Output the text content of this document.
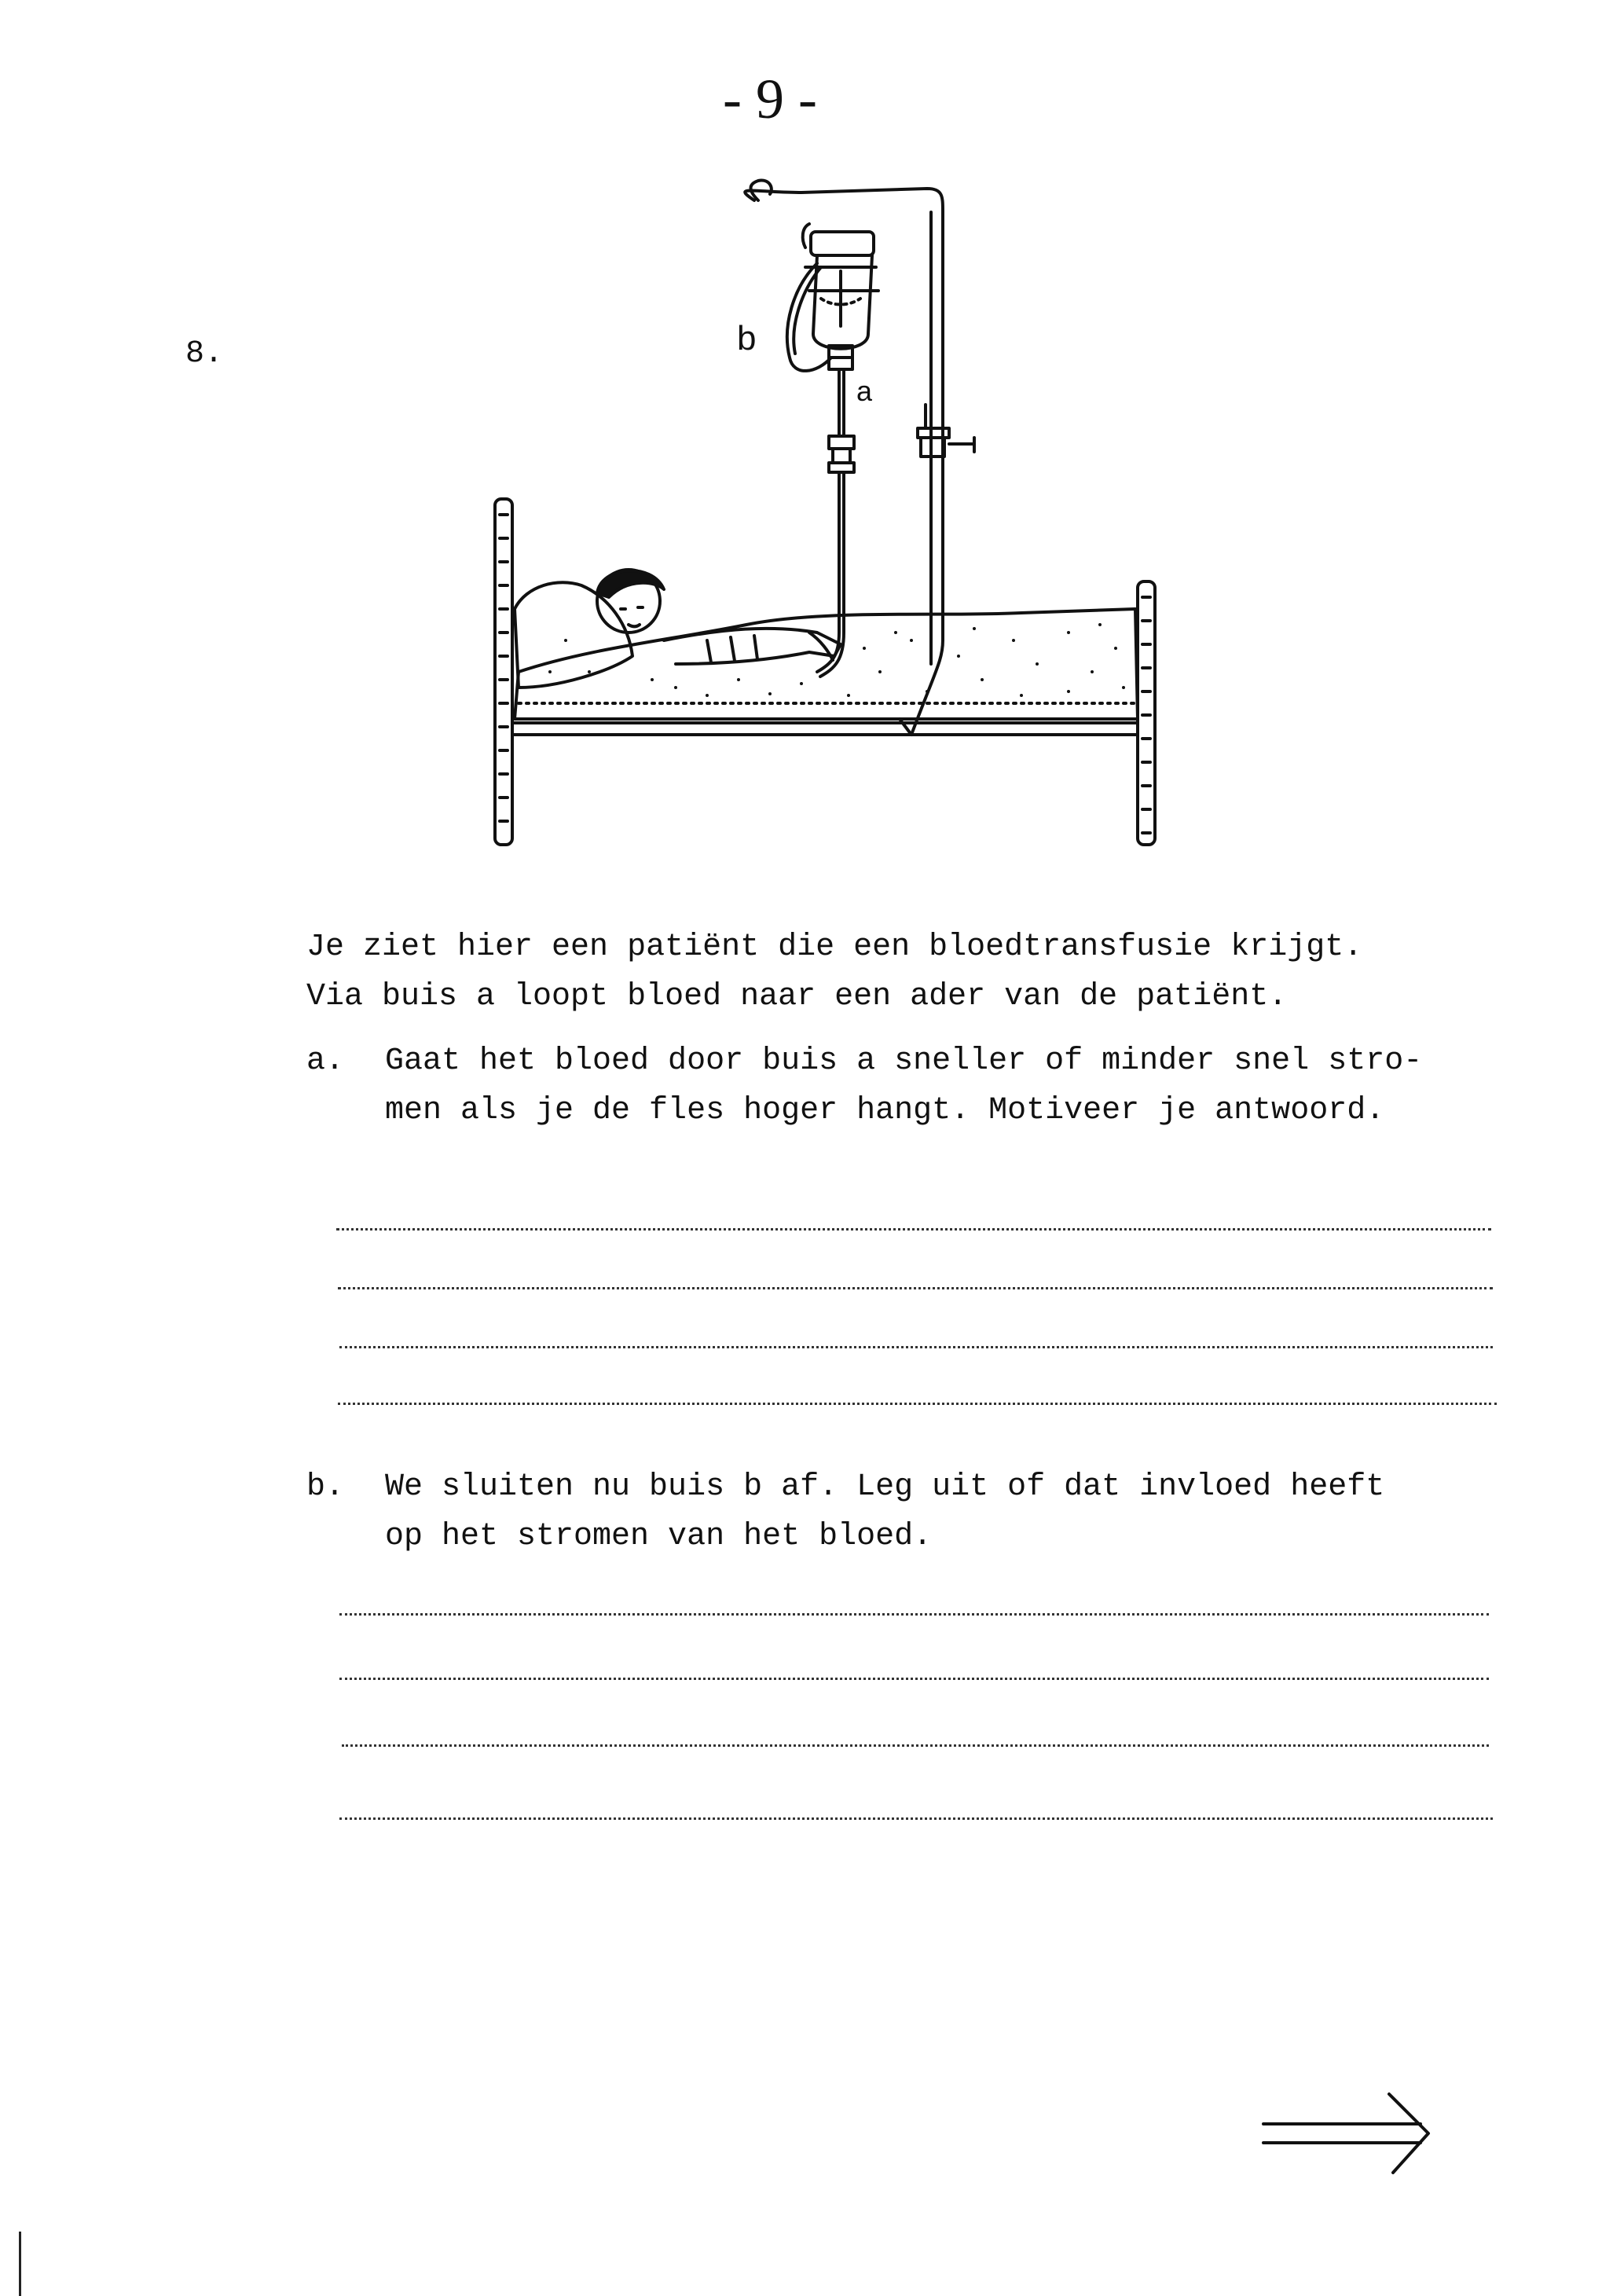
- 9 -
8.	b
a
Je ziet hier een patiënt die een bloedtransfusie krijgt.
Via buis a loopt bloed naar een ader van de patiënt.
a. Gaat het bloed door buis a sneller of minder snel stro-
men als je de fles hoger hangt. Motiveer je antwoord.
b. We sluiten nu buis b af. Leg uit of dat invloed heeft
op het stromen van het bloed.
